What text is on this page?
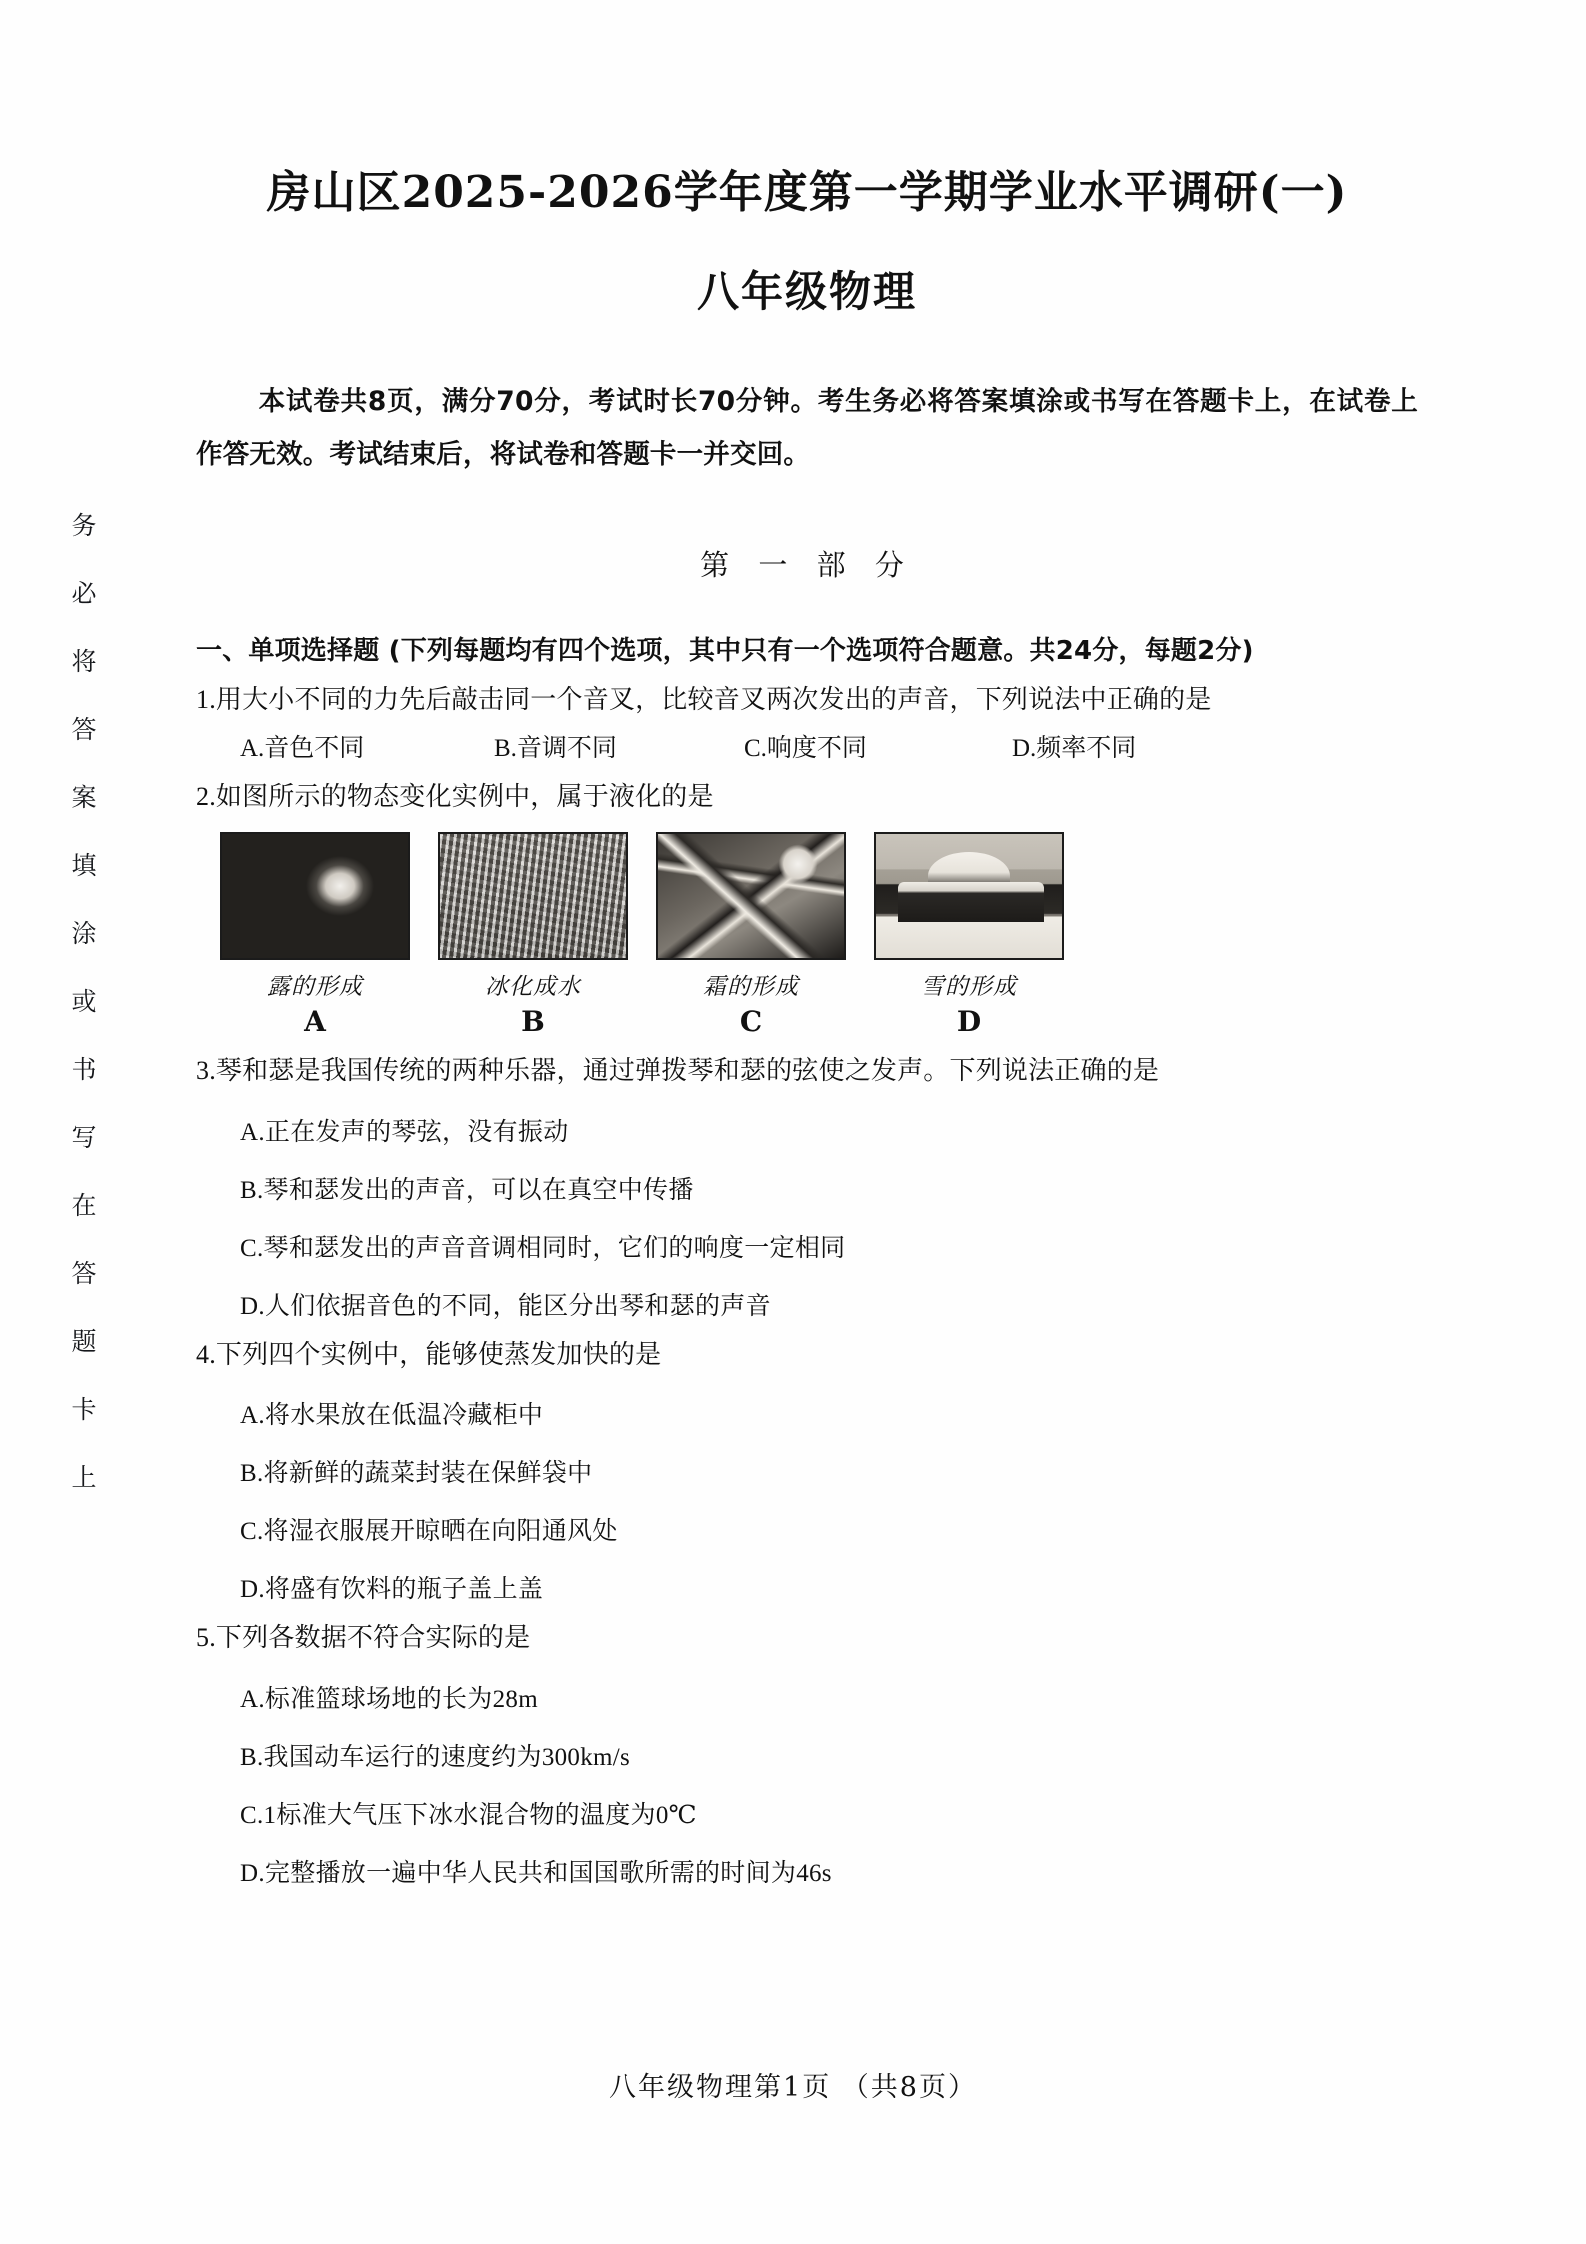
务
必
将
答
案
填
涂
或
书
写
在
答
题
卡
上
房山区2025-2026学年度第一学期学业水平调研(一)
八年级物理
本试卷共8页，满分70分，考试时长70分钟。考生务必将答案填涂或书写在答题卡上，在试卷上作答无效。考试结束后，将试卷和答题卡一并交回。
第 一 部 分
一、单项选择题 (下列每题均有四个选项，其中只有一个选项符合题意。共24分，每题2分)
1.用大小不同的力先后敲击同一个音叉，比较音叉两次发出的声音，下列说法中正确的是
A.音色不同	B.音调不同	C.响度不同	D.频率不同
2.如图所示的物态变化实例中，属于液化的是
露的形成
A
冰化成水
B
霜的形成
C
雪的形成
D
3.琴和瑟是我国传统的两种乐器，通过弹拨琴和瑟的弦使之发声。下列说法正确的是
A.正在发声的琴弦，没有振动
B.琴和瑟发出的声音，可以在真空中传播
C.琴和瑟发出的声音音调相同时，它们的响度一定相同
D.人们依据音色的不同，能区分出琴和瑟的声音
4.下列四个实例中，能够使蒸发加快的是
A.将水果放在低温冷藏柜中
B.将新鲜的蔬菜封装在保鲜袋中
C.将湿衣服展开晾晒在向阳通风处
D.将盛有饮料的瓶子盖上盖
5.下列各数据不符合实际的是
A.标准篮球场地的长为28m
B.我国动车运行的速度约为300km/s
C.1标准大气压下冰水混合物的温度为0℃
D.完整播放一遍中华人民共和国国歌所需的时间为46s
八年级物理第1页 （共8页）
